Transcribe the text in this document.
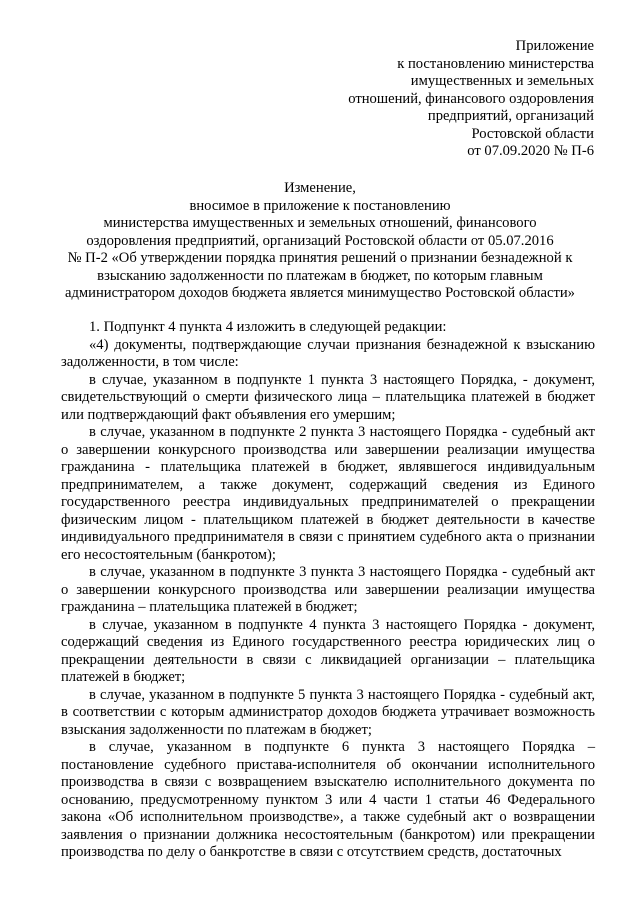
Приложение
к постановлению министерства
имущественных и земельных
отношений, финансового оздоровления
предприятий, организаций
Ростовской области
от 07.09.2020 № П-6
Изменение,
вносимое в приложение к постановлению
министерства имущественных и земельных отношений, финансового
оздоровления предприятий, организаций Ростовской области от 05.07.2016
№ П-2 «Об утверждении порядка принятия решений о признании безнадежной к
взысканию задолженности по платежам в бюджет, по которым главным
администратором доходов бюджета является минимущество Ростовской области»

1. Подпункт 4 пункта 4 изложить в следующей редакции:

«4) документы, подтверждающие случаи признания безнадежной к взысканию задолженности, в том числе:

в случае, указанном в подпункте 1 пункта 3 настоящего Порядка, - документ, свидетельствующий о смерти физического лица – плательщика платежей в бюджет или подтверждающий факт объявления его умершим;

в случае, указанном в подпункте 2 пункта 3 настоящего Порядка - судебный акт о завершении конкурсного производства или завершении реализации имущества гражданина - плательщика платежей в бюджет, являвшегося индивидуальным предпринимателем, а также документ, содержащий сведения из Единого государственного реестра индивидуальных предпринимателей о прекращении физическим лицом - плательщиком платежей в бюджет деятельности в качестве индивидуального предпринимателя в связи с принятием судебного акта о признании его несостоятельным (банкротом);

в случае, указанном в подпункте 3 пункта 3 настоящего Порядка - судебный акт о завершении конкурсного производства или завершении реализации имущества гражданина – плательщика платежей в бюджет;

в случае, указанном в подпункте 4 пункта 3 настоящего Порядка - документ, содержащий сведения из Единого государственного реестра юридических лиц о прекращении деятельности в связи с ликвидацией организации – плательщика платежей в бюджет;

в случае, указанном в подпункте 5 пункта 3 настоящего Порядка - судебный акт, в соответствии с которым администратор доходов бюджета утрачивает возможность взыскания задолженности по платежам в бюджет;

в случае, указанном в подпункте 6 пункта 3 настоящего Порядка – постановление судебного пристава-исполнителя об окончании исполнительного производства в связи с возвращением взыскателю исполнительного документа по основанию, предусмотренному пунктом 3 или 4 части 1 статьи 46 Федерального закона «Об исполнительном производстве», а также судебный акт о возвращении заявления о признании должника несостоятельным (банкротом) или прекращении производства по делу о банкротстве в связи с отсутствием средств, достаточных
